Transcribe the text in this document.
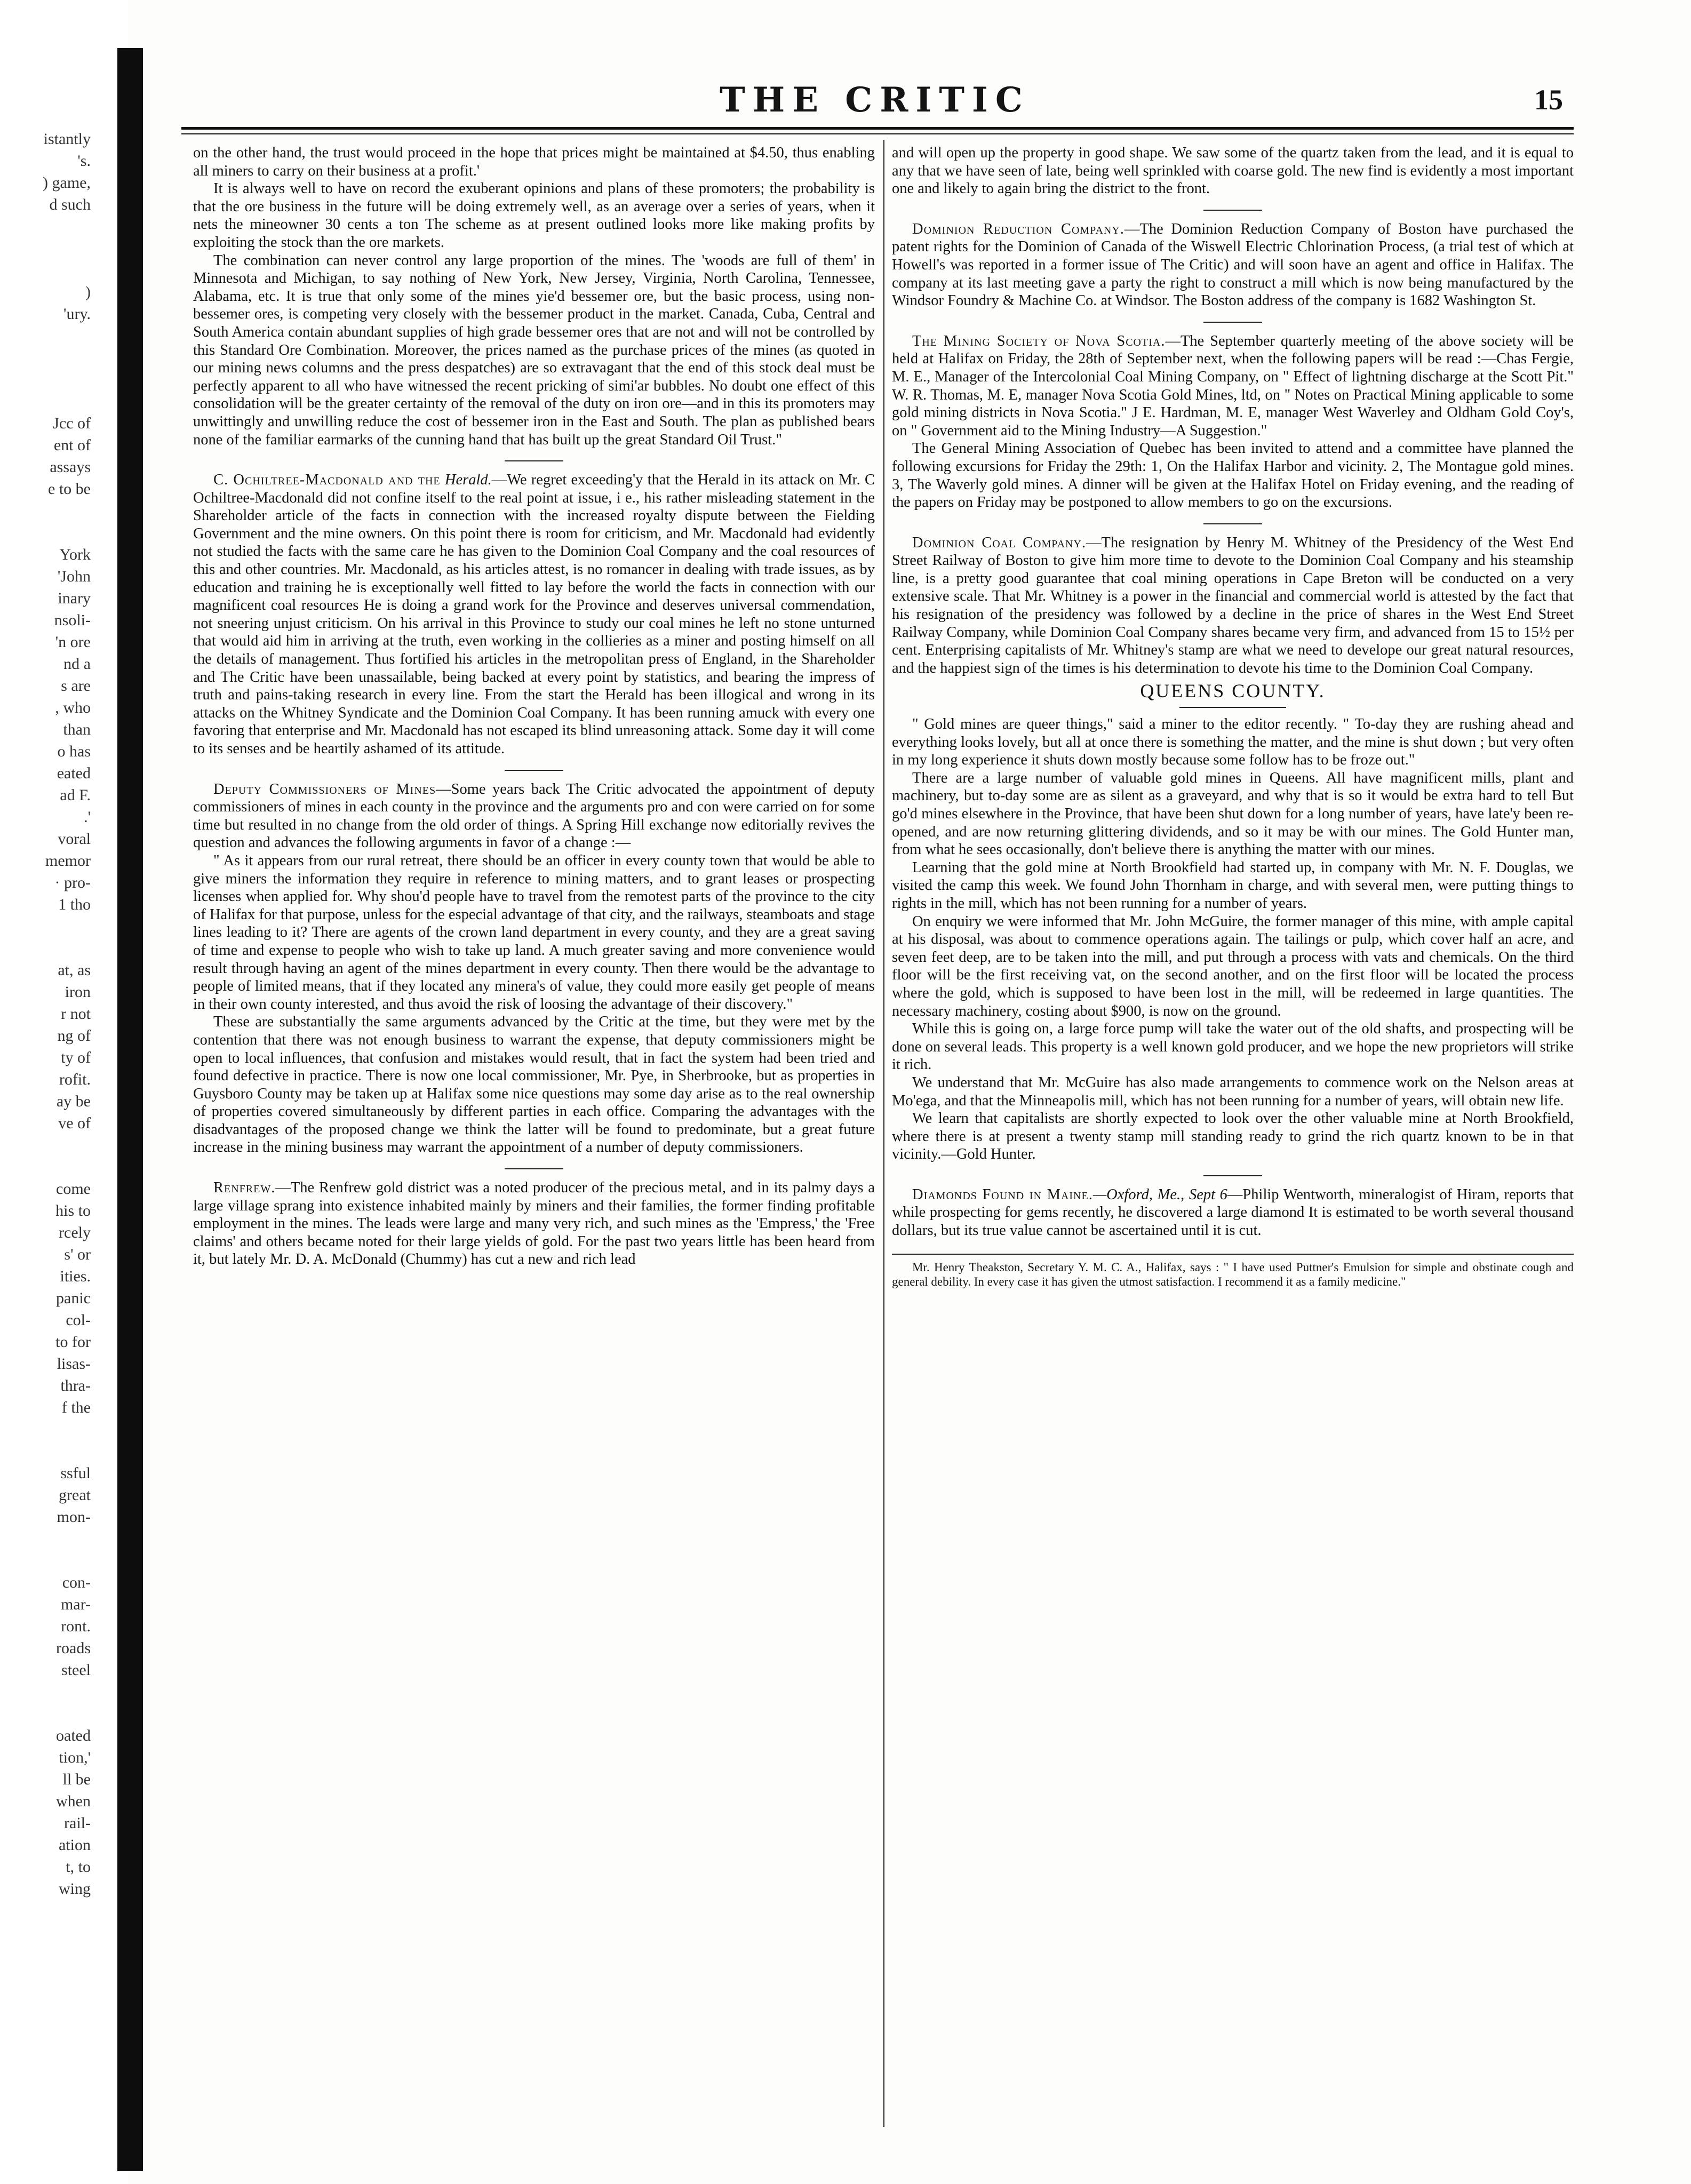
istantly
's.
) game,
d such

)
'ury.

Jcc of
ent of
assays
e to be

York
'John
inary
nsoli-
'n ore
nd a
s are
, who
than
o has
eated
ad F.
.'
voral
memor
· pro-
1 tho

at, as
iron
r not
ng of
ty of
rofit.
ay be
ve of

come
his to
rcely
s' or
ities.
panic
col-
to for
lisas-
thra-
f the

ssful
great
mon-

con-
mar-
ront.
roads
steel

oated
tion,'
ll be
when
rail-
ation
t, to
wing
THE CRITIC	15

on the other hand, the trust would proceed in the hope that prices might be maintained at $4.50, thus enabling all miners to carry on their business at a profit.'

It is always well to have on record the exuberant opinions and plans of these promoters; the probability is that the ore business in the future will be doing extremely well, as an average over a series of years, when it nets the mineowner 30 cents a ton The scheme as at present outlined looks more like making profits by exploiting the stock than the ore markets.

The combination can never control any large proportion of the mines. The 'woods are full of them' in Minnesota and Michigan, to say nothing of New York, New Jersey, Virginia, North Carolina, Tennessee, Alabama, etc. It is true that only some of the mines yie'd bessemer ore, but the basic process, using non-bessemer ores, is competing very closely with the bessemer product in the market. Canada, Cuba, Central and South America contain abundant supplies of high grade bessemer ores that are not and will not be controlled by this Standard Ore Combination. Moreover, the prices named as the purchase prices of the mines (as quoted in our mining news columns and the press despatches) are so extravagant that the end of this stock deal must be perfectly apparent to all who have witnessed the recent pricking of simi'ar bubbles. No doubt one effect of this consolidation will be the greater certainty of the removal of the duty on iron ore—and in this its promoters may unwittingly and unwilling reduce the cost of bessemer iron in the East and South. The plan as published bears none of the familiar earmarks of the cunning hand that has built up the great Standard Oil Trust."

C. Ochiltree-Macdonald and the Herald.—We regret exceeding'y that the Herald in its attack on Mr. C Ochiltree-Macdonald did not confine itself to the real point at issue, i e., his rather misleading statement in the Shareholder article of the facts in connection with the increased royalty dispute between the Fielding Government and the mine owners. On this point there is room for criticism, and Mr. Macdonald had evidently not studied the facts with the same care he has given to the Dominion Coal Company and the coal resources of this and other countries. Mr. Macdonald, as his articles attest, is no romancer in dealing with trade issues, as by education and training he is exceptionally well fitted to lay before the world the facts in connection with our magnificent coal resources He is doing a grand work for the Province and deserves universal commendation, not sneering unjust criticism. On his arrival in this Province to study our coal mines he left no stone unturned that would aid him in arriving at the truth, even working in the collieries as a miner and posting himself on all the details of management. Thus fortified his articles in the metropolitan press of England, in the Shareholder and The Critic have been unassailable, being backed at every point by statistics, and bearing the impress of truth and pains-taking research in every line. From the start the Herald has been illogical and wrong in its attacks on the Whitney Syndicate and the Dominion Coal Company. It has been running amuck with every one favoring that enterprise and Mr. Macdonald has not escaped its blind unreasoning attack. Some day it will come to its senses and be heartily ashamed of its attitude.

Deputy Commissioners of Mines—Some years back The Critic advocated the appointment of deputy commissioners of mines in each county in the province and the arguments pro and con were carried on for some time but resulted in no change from the old order of things. A Spring Hill exchange now editorially revives the question and advances the following arguments in favor of a change :—

" As it appears from our rural retreat, there should be an officer in every county town that would be able to give miners the information they require in reference to mining matters, and to grant leases or prospecting licenses when applied for. Why shou'd people have to travel from the remotest parts of the province to the city of Halifax for that purpose, unless for the especial advantage of that city, and the railways, steamboats and stage lines leading to it? There are agents of the crown land department in every county, and they are a great saving of time and expense to people who wish to take up land. A much greater saving and more convenience would result through having an agent of the mines department in every county. Then there would be the advantage to people of limited means, that if they located any minera's of value, they could more easily get people of means in their own county interested, and thus avoid the risk of loosing the advantage of their discovery."

These are substantially the same arguments advanced by the Critic at the time, but they were met by the contention that there was not enough business to warrant the expense, that deputy commissioners might be open to local influences, that confusion and mistakes would result, that in fact the system had been tried and found defective in practice. There is now one local commissioner, Mr. Pye, in Sherbrooke, but as properties in Guysboro County may be taken up at Halifax some nice questions may some day arise as to the real ownership of properties covered simultaneously by different parties in each office. Comparing the advantages with the disadvantages of the proposed change we think the latter will be found to predominate, but a great future increase in the mining business may warrant the appointment of a number of deputy commissioners.

Renfrew.—The Renfrew gold district was a noted producer of the precious metal, and in its palmy days a large village sprang into existence inhabited mainly by miners and their families, the former finding profitable employment in the mines. The leads were large and many very rich, and such mines as the 'Empress,' the 'Free claims' and others became noted for their large yields of gold. For the past two years little has been heard from it, but lately Mr. D. A. McDonald (Chummy) has cut a new and rich lead

and will open up the property in good shape. We saw some of the quartz taken from the lead, and it is equal to any that we have seen of late, being well sprinkled with coarse gold. The new find is evidently a most important one and likely to again bring the district to the front.

Dominion Reduction Company.—The Dominion Reduction Company of Boston have purchased the patent rights for the Dominion of Canada of the Wiswell Electric Chlorination Process, (a trial test of which at Howell's was reported in a former issue of The Critic) and will soon have an agent and office in Halifax. The company at its last meeting gave a party the right to construct a mill which is now being manufactured by the Windsor Foundry & Machine Co. at Windsor. The Boston address of the company is 1682 Washington St.

The Mining Society of Nova Scotia.—The September quarterly meeting of the above society will be held at Halifax on Friday, the 28th of September next, when the following papers will be read :—Chas Fergie, M. E., Manager of the Intercolonial Coal Mining Company, on " Effect of lightning discharge at the Scott Pit." W. R. Thomas, M. E, manager Nova Scotia Gold Mines, ltd, on " Notes on Practical Mining applicable to some gold mining districts in Nova Scotia." J E. Hardman, M. E, manager West Waverley and Oldham Gold Coy's, on " Government aid to the Mining Industry—A Suggestion."

The General Mining Association of Quebec has been invited to attend and a committee have planned the following excursions for Friday the 29th: 1, On the Halifax Harbor and vicinity. 2, The Montague gold mines. 3, The Waverly gold mines. A dinner will be given at the Halifax Hotel on Friday evening, and the reading of the papers on Friday may be postponed to allow members to go on the excursions.

Dominion Coal Company.—The resignation by Henry M. Whitney of the Presidency of the West End Street Railway of Boston to give him more time to devote to the Dominion Coal Company and his steamship line, is a pretty good guarantee that coal mining operations in Cape Breton will be conducted on a very extensive scale. That Mr. Whitney is a power in the financial and commercial world is attested by the fact that his resignation of the presidency was followed by a decline in the price of shares in the West End Street Railway Company, while Dominion Coal Company shares became very firm, and advanced from 15 to 15½ per cent. Enterprising capitalists of Mr. Whitney's stamp are what we need to develope our great natural resources, and the happiest sign of the times is his determination to devote his time to the Dominion Coal Company.

QUEENS COUNTY.

" Gold mines are queer things," said a miner to the editor recently. " To-day they are rushing ahead and everything looks lovely, but all at once there is something the matter, and the mine is shut down ; but very often in my long experience it shuts down mostly because some follow has to be froze out."

There are a large number of valuable gold mines in Queens. All have magnificent mills, plant and machinery, but to-day some are as silent as a graveyard, and why that is so it would be extra hard to tell But go'd mines elsewhere in the Province, that have been shut down for a long number of years, have late'y been re-opened, and are now returning glittering dividends, and so it may be with our mines. The Gold Hunter man, from what he sees occasionally, don't believe there is anything the matter with our mines.

Learning that the gold mine at North Brookfield had started up, in company with Mr. N. F. Douglas, we visited the camp this week. We found John Thornham in charge, and with several men, were putting things to rights in the mill, which has not been running for a number of years.

On enquiry we were informed that Mr. John McGuire, the former manager of this mine, with ample capital at his disposal, was about to commence operations again. The tailings or pulp, which cover half an acre, and seven feet deep, are to be taken into the mill, and put through a process with vats and chemicals. On the third floor will be the first receiving vat, on the second another, and on the first floor will be located the process where the gold, which is supposed to have been lost in the mill, will be redeemed in large quantities. The necessary machinery, costing about $900, is now on the ground.

While this is going on, a large force pump will take the water out of the old shafts, and prospecting will be done on several leads. This property is a well known gold producer, and we hope the new proprietors will strike it rich.

We understand that Mr. McGuire has also made arrangements to commence work on the Nelson areas at Mo'ega, and that the Minneapolis mill, which has not been running for a number of years, will obtain new life.

We learn that capitalists are shortly expected to look over the other valuable mine at North Brookfield, where there is at present a twenty stamp mill standing ready to grind the rich quartz known to be in that vicinity.—Gold Hunter.

Diamonds Found in Maine.—Oxford, Me., Sept 6—Philip Wentworth, mineralogist of Hiram, reports that while prospecting for gems recently, he discovered a large diamond It is estimated to be worth several thousand dollars, but its true value cannot be ascertained until it is cut.

Mr. Henry Theakston, Secretary Y. M. C. A., Halifax, says : " I have used Puttner's Emulsion for simple and obstinate cough and general debility. In every case it has given the utmost satisfaction. I recommend it as a family medicine."
